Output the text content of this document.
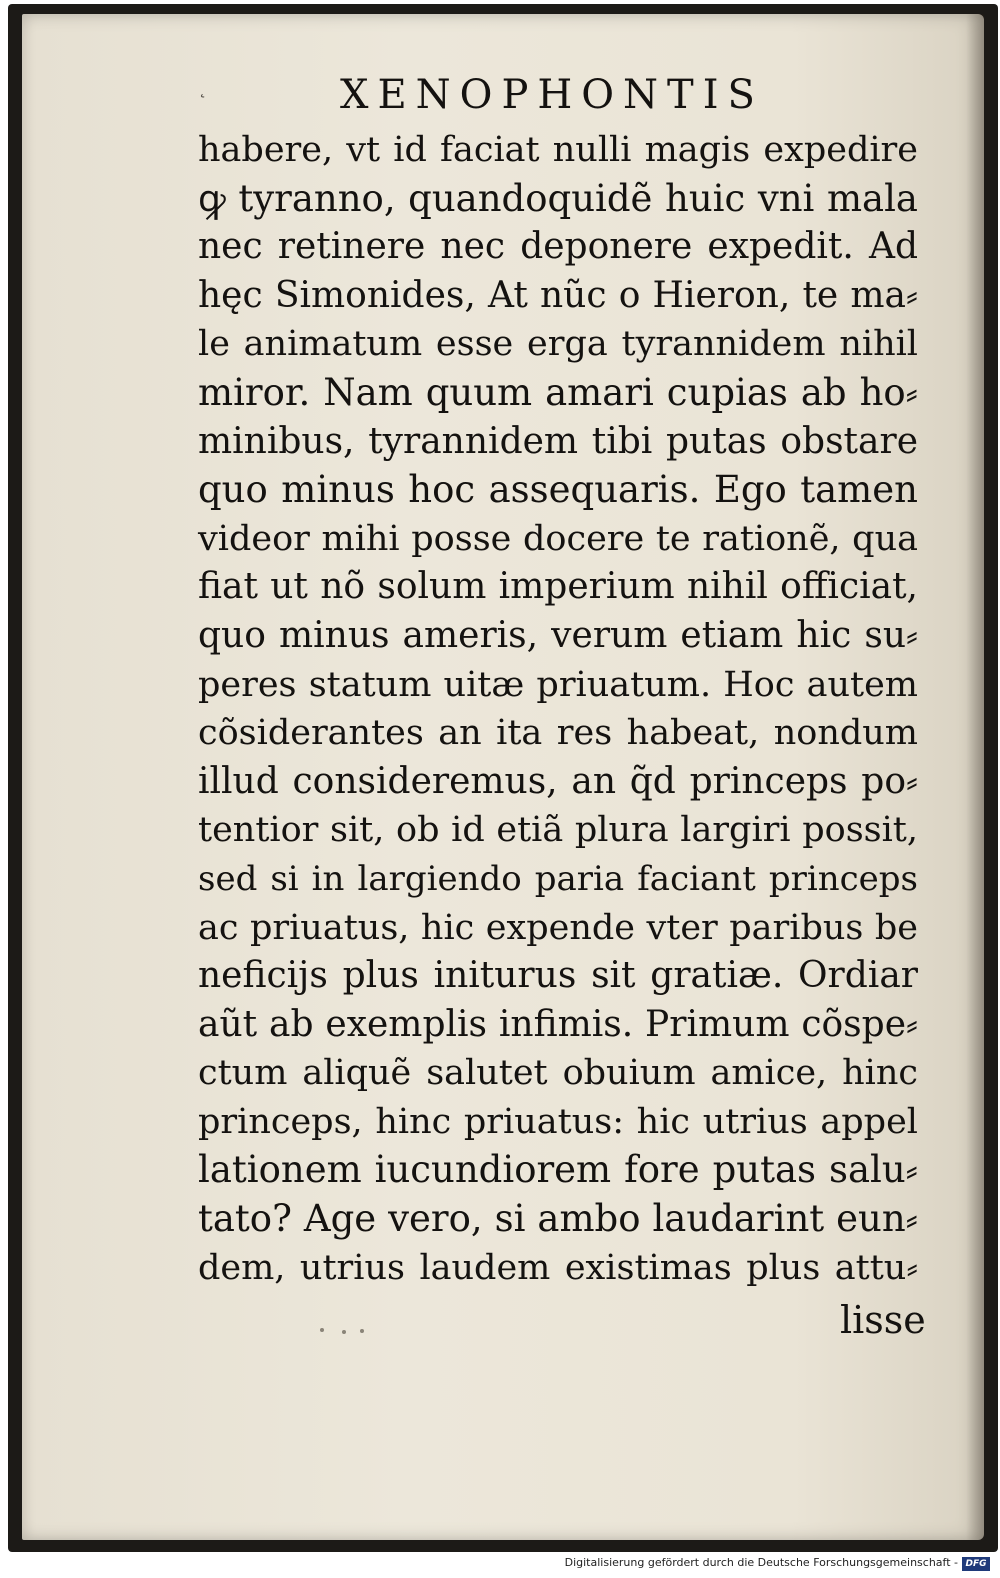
˛	XENOPHONTIS
habere, vt id faciat nulli magis expedire
ꝙ tyranno, quandoquidẽ huic vni mala
nec retinere nec deponere expedit. Ad
hęc Simonides, At nũc o Hieron, te ma⸗
le animatum esse erga tyrannidem nihil
miror. Nam quum amari cupias ab ho⸗
minibus, tyrannidem tibi putas obstare
quo minus hoc assequaris. Ego tamen
videor mihi posse docere te rationẽ, qua
fiat ut nõ solum imperium nihil officiat,
quo minus ameris, verum etiam hic su⸗
peres statum uitæ priuatum. Hoc autem
cõsiderantes an ita res habeat, nondum
illud consideremus, an q̃d princeps po⸗
tentior sit, ob id etiã plura largiri possit,
sed si in largiendo paria faciant princeps
ac priuatus, hic expende vter paribus be
neficijs plus initurus sit gratiæ. Ordiar
aũt ab exemplis infimis. Primum cõspe⸗
ctum aliquẽ salutet obuium amice, hinc
princeps, hinc priuatus: hic utrius appel
lationem iucundiorem fore putas salu⸗
tato? Age vero, si ambo laudarint eun⸗
dem, utrius laudem existimas plus attu⸗
lisse
Digitalisierung gefördert durch die Deutsche Forschungsgemeinschaft - DFG
